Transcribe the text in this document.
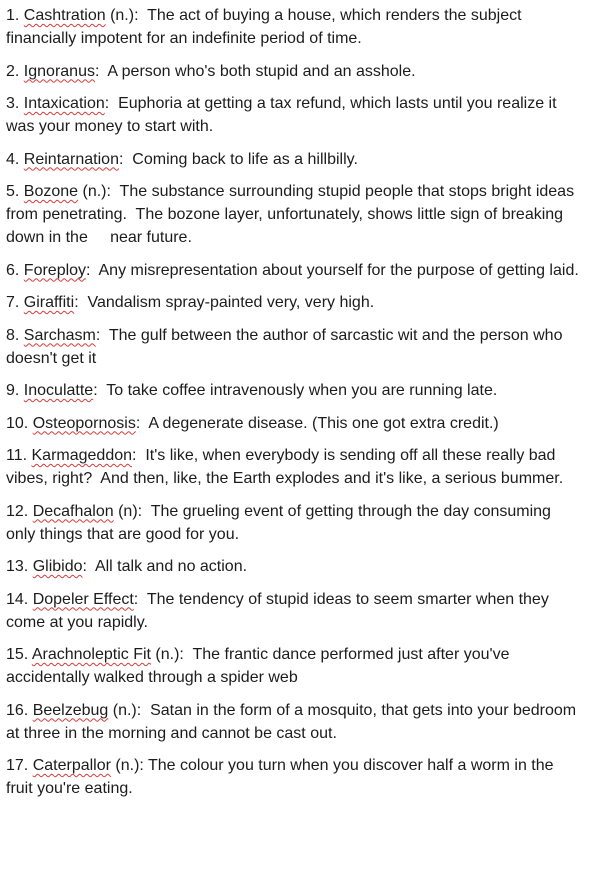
1. Cashtration (n.):  The act of buying a house, which renders the subject financially impotent for an indefinite period of time.

2. Ignoranus:  A person who's both stupid and an asshole.

3. Intaxication:  Euphoria at getting a tax refund, which lasts until you realize it was your money to start with.

4. Reintarnation:  Coming back to life as a hillbilly.

5. Bozone (n.):  The substance surrounding stupid people that stops bright ideas from penetrating.  The bozone layer, unfortunately, shows little sign of breaking down in the     near future.

6. Foreploy:  Any misrepresentation about yourself for the purpose of getting laid.

7. Giraffiti:  Vandalism spray-painted very, very high.

8. Sarchasm:  The gulf between the author of sarcastic wit and the person who doesn't get it

9. Inoculatte:  To take coffee intravenously when you are running late.

10. Osteopornosis:  A degenerate disease. (This one got extra credit.)

11. Karmageddon:  It's like, when everybody is sending off all these really bad vibes, right?  And then, like, the Earth explodes and it's like, a serious bummer.

12. Decafhalon (n):  The grueling event of getting through the day consuming only things that are good for you.

13. Glibido:  All talk and no action.

14. Dopeler Effect:  The tendency of stupid ideas to seem smarter when they come at you rapidly.

15. Arachnoleptic Fit (n.):  The frantic dance performed just after you've accidentally walked through a spider web

16. Beelzebug (n.):  Satan in the form of a mosquito, that gets into your bedroom at three in the morning and cannot be cast out.

17. Caterpallor (n.): The colour you turn when you discover half a worm in the fruit you're eating.
